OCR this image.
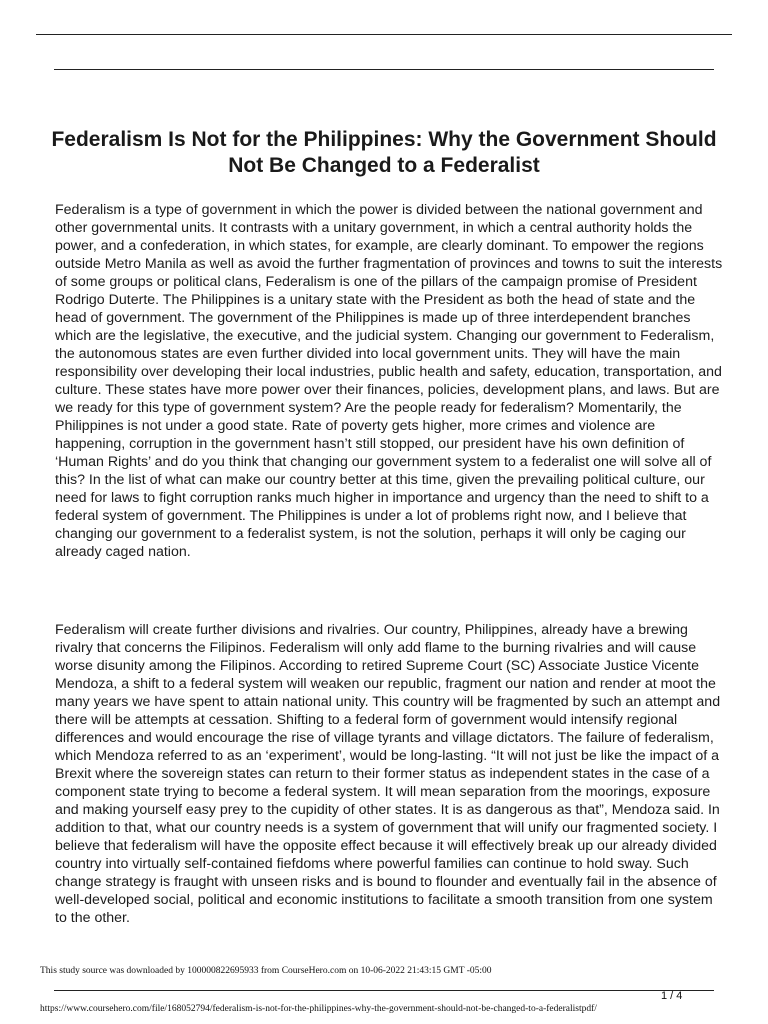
Federalism Is Not for the Philippines: Why the Government Should Not Be Changed to a Federalist

Federalism is a type of government in which the power is divided between the national government and other governmental units. It contrasts with a unitary government, in which a central authority holds the power, and a confederation, in which states, for example, are clearly dominant. To empower the regions outside Metro Manila as well as avoid the further fragmentation of provinces and towns to suit the interests of some groups or political clans, Federalism is one of the pillars of the campaign promise of President Rodrigo Duterte. The Philippines is a unitary state with the President as both the head of state and the head of government. The government of the Philippines is made up of three interdependent branches which are the legislative, the executive, and the judicial system. Changing our government to Federalism, the autonomous states are even further divided into local government units. They will have the main responsibility over developing their local industries, public health and safety, education, transportation, and culture. These states have more power over their finances, policies, development plans, and laws. But are we ready for this type of government system? Are the people ready for federalism? Momentarily, the Philippines is not under a good state. Rate of poverty gets higher, more crimes and violence are happening, corruption in the government hasn’t still stopped, our president have his own definition of ‘Human Rights’ and do you think that changing our government system to a federalist one will solve all of this? In the list of what can make our country better at this time, given the prevailing political culture, our need for laws to fight corruption ranks much higher in importance and urgency than the need to shift to a federal system of government. The Philippines is under a lot of problems right now, and I believe that changing our government to a federalist system, is not the solution, perhaps it will only be caging our already caged nation.

Federalism will create further divisions and rivalries. Our country, Philippines, already have a brewing rivalry that concerns the Filipinos. Federalism will only add flame to the burning rivalries and will cause worse disunity among the Filipinos. According to retired Supreme Court (SC) Associate Justice Vicente Mendoza, a shift to a federal system will weaken our republic, fragment our nation and render at moot the many years we have spent to attain national unity. This country will be fragmented by such an attempt and there will be attempts at cessation. Shifting to a federal form of government would intensify regional differences and would encourage the rise of village tyrants and village dictators. The failure of federalism, which Mendoza referred to as an ‘experiment’, would be long-lasting. “It will not just be like the impact of a Brexit where the sovereign states can return to their former status as independent states in the case of a component state trying to become a federal system. It will mean separation from the moorings, exposure and making yourself easy prey to the cupidity of other states. It is as dangerous as that”, Mendoza said. In addition to that, what our country needs is a system of government that will unify our fragmented society. I believe that federalism will have the opposite effect because it will effectively break up our already divided country into virtually self-contained fiefdoms where powerful families can continue to hold sway. Such change strategy is fraught with unseen risks and is bound to flounder and eventually fail in the absence of well-developed social, political and economic institutions to facilitate a smooth transition from one system to the other.

This study source was downloaded by 100000822695933 from CourseHero.com on 10-06-2022 21:43:15 GMT -05:00
1 / 4
https://www.coursehero.com/file/168052794/federalism-is-not-for-the-philippines-why-the-government-should-not-be-changed-to-a-federalistpdf/
